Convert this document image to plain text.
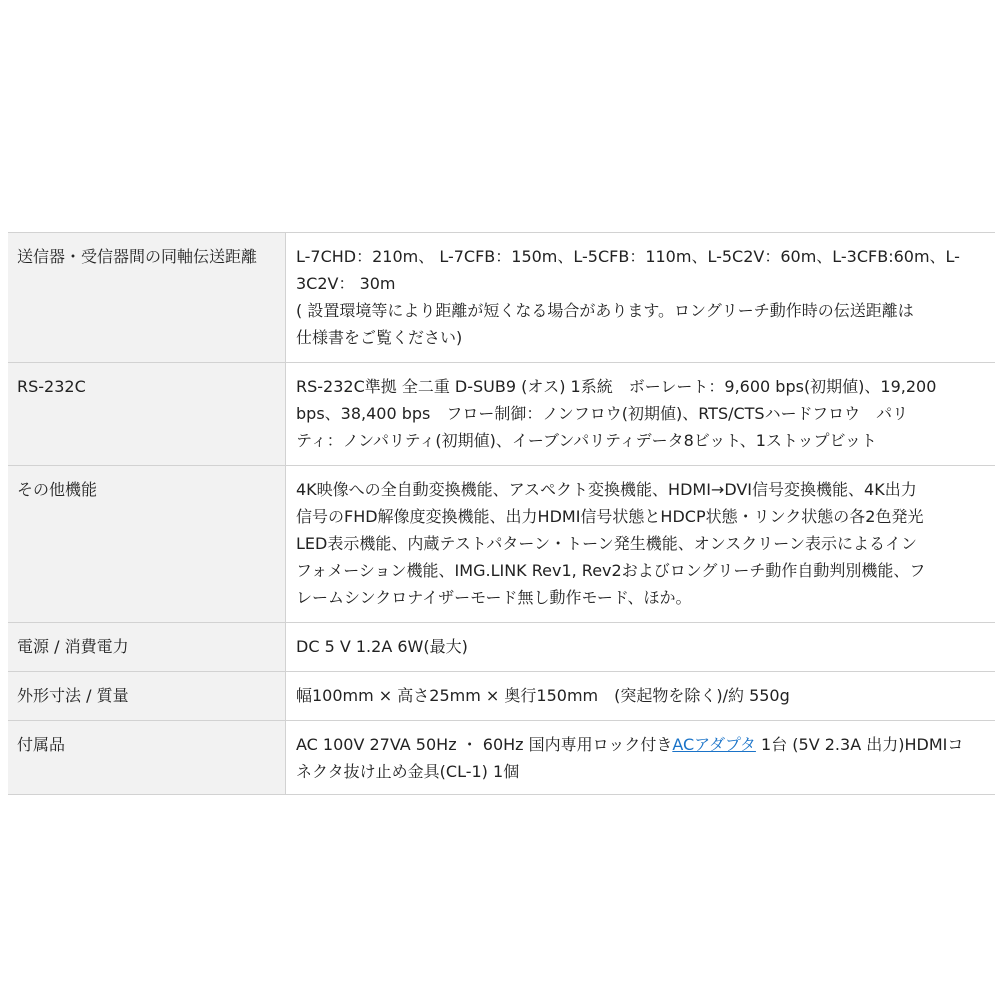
送信器・受信器間の同軸伝送距離	L-7CHD：210m、 L-7CFB：150m、L-5CFB：110m、L-5C2V：60m、L-3CFB:60m、L-
3C2V： 30m
( 設置環境等により距離が短くなる場合があります。ロングリーチ動作時の伝送距離は
仕様書をご覧ください)
RS-232C	RS-232C準拠 全二重 D-SUB9 (オス) 1系統　ボーレート：9,600 bps(初期値)、19,200
bps、38,400 bps　フロー制御：ノンフロウ(初期値)、RTS/CTSハードフロウ　パリ
ティ：ノンパリティ(初期値)、イーブンパリティデータ8ビット、1ストップビット
その他機能	4K映像への全自動変換機能、アスペクト変換機能、HDMI→DVI信号変換機能、4K出力
信号のFHD解像度変換機能、出力HDMI信号状態とHDCP状態・リンク状態の各2色発光
LED表示機能、内蔵テストパターン・トーン発生機能、オンスクリーン表示によるイン
フォメーション機能、IMG.LINK Rev1, Rev2およびロングリーチ動作自動判別機能、フ
レームシンクロナイザーモード無し動作モード、ほか。
電源 / 消費電力	DC 5 V 1.2A 6W(最大)
外形寸法 / 質量	幅100mm × 高さ25mm × 奥行150mm　(突起物を除く)/約 550g
付属品	AC 100V 27VA 50Hz ・ 60Hz 国内専用ロック付きACアダプタ 1台 (5V 2.3A 出力)HDMIコ
ネクタ抜け止め金具(CL-1) 1個
